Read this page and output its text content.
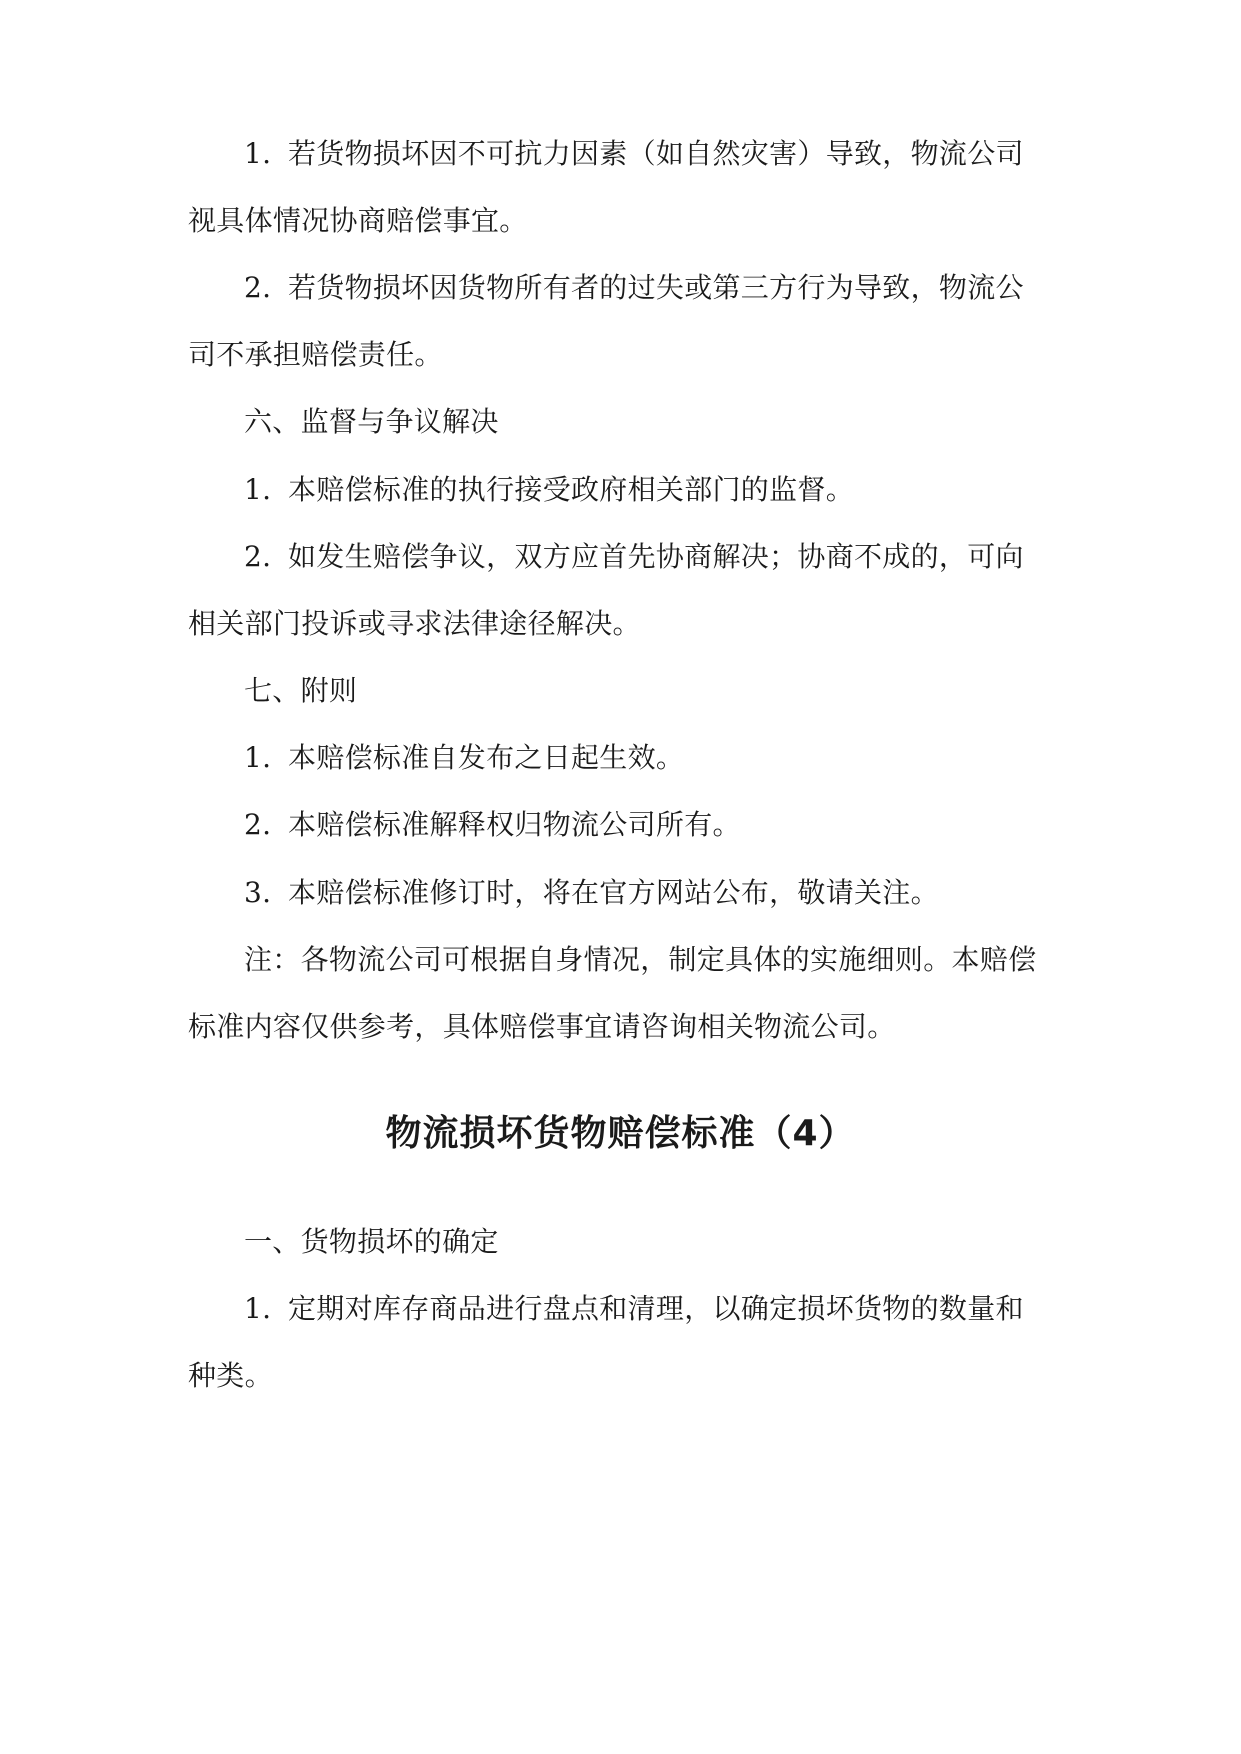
1. 若货物损坏因不可抗力因素（如自然灾害）导致，物流公司
视具体情况协商赔偿事宜。
2. 若货物损坏因货物所有者的过失或第三方行为导致，物流公
司不承担赔偿责任。
六、监督与争议解决
1. 本赔偿标准的执行接受政府相关部门的监督。
2. 如发生赔偿争议，双方应首先协商解决；协商不成的，可向
相关部门投诉或寻求法律途径解决。
七、附则
1. 本赔偿标准自发布之日起生效。
2. 本赔偿标准解释权归物流公司所有。
3. 本赔偿标准修订时，将在官方网站公布，敬请关注。
注：各物流公司可根据自身情况，制定具体的实施细则。本赔偿
标准内容仅供参考，具体赔偿事宜请咨询相关物流公司。
物流损坏货物赔偿标准（4）
一、货物损坏的确定
1. 定期对库存商品进行盘点和清理，以确定损坏货物的数量和
种类。
